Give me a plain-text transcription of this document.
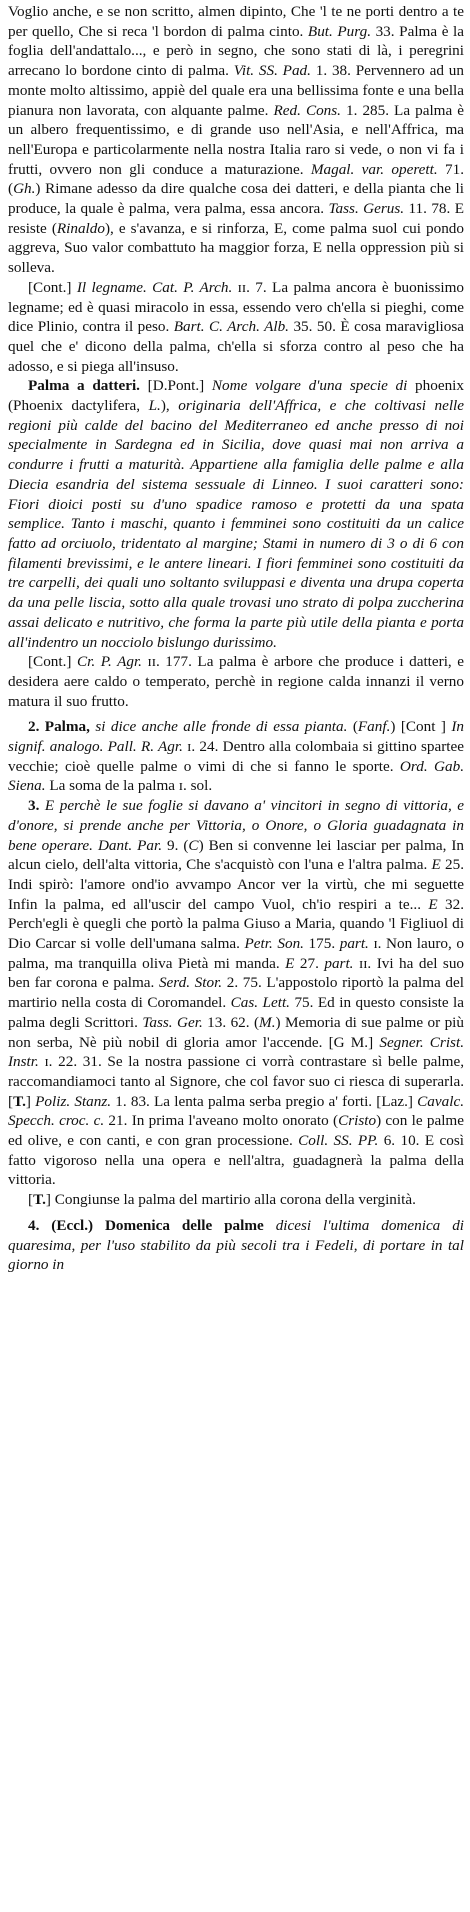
Voglio anche, e se non scritto, almen dipinto, Che 'l te ne porti dentro a te per quello, Che si reca 'l bordon di palma cinto. But. Purg. 33. Palma è la foglia dell'andattalo..., e però in segno, che sono stati di là, i peregrini arrecano lo bordone cinto di palma. Vit. SS. Pad. 1. 38. Pervennero ad un monte molto altissimo, appiè del quale era una bellissima fonte e una bella pianura non lavorata, con alquante palme. Red. Cons. 1. 285. La palma è un albero frequentissimo, e di grande uso nell'Asia, e nell'Affrica, ma nell'Europa e particolarmente nella nostra Italia raro si vede, o non vi fa i frutti, ovvero non gli conduce a maturazione. Magal. var. operett. 71. (Gh.) Rimane adesso da dire qualche cosa dei datteri, e della pianta che li produce, la quale è palma, vera palma, essa ancora. Tass. Gerus. 11. 78. E resiste (Rinaldo), e s'avanza, e si rinforza, E, come palma suol cui pondo aggreva, Suo valor combattuto ha maggior forza, E nella oppression più si solleva.

[Cont.] Il legname. Cat. P. Arch. ɪɪ. 7. La palma ancora è buonissimo legname; ed è quasi miracolo in essa, essendo vero ch'ella si pieghi, come dice Plinio, contra il peso. Bart. C. Arch. Alb. 35. 50. È cosa maravigliosa quel che e' dicono della palma, ch'ella si sforza contro al peso che ha adosso, e si piega all'insuso.

Palma a datteri. [D.Pont.] Nome volgare d'una specie di phoenix (Phoenix dactylifera, L.), originaria dell'Affrica, e che coltivasi nelle regioni più calde del bacino del Mediterraneo ed anche presso di noi specialmente in Sardegna ed in Sicilia, dove quasi mai non arriva a condurre i frutti a maturità. Appartiene alla famiglia delle palme e alla Diecia esandria del sistema sessuale di Linneo. I suoi caratteri sono: Fiori dioici posti su d'uno spadice ramoso e protetti da una spata semplice. Tanto i maschi, quanto i femminei sono costituiti da un calice fatto ad orciuolo, tridentato al margine; Stami in numero di 3 o di 6 con filamenti brevissimi, e le antere lineari. I fiori femminei sono costituiti da tre carpelli, dei quali uno soltanto sviluppasi e diventa una drupa coperta da una pelle liscia, sotto alla quale trovasi uno strato di polpa zuccherina assai delicato e nutritivo, che forma la parte più utile della pianta e porta all'indentro un nocciolo bislungo durissimo.

[Cont.] Cr. P. Agr. ɪɪ. 177. La palma è arbore che produce i datteri, e desidera aere caldo o temperato, perchè in regione calda innanzi il verno matura il suo frutto.

2. Palma, si dice anche alle fronde di essa pianta. (Fanf.) [Cont ] In signif. analogo. Pall. R. Agr. ɪ. 24. Dentro alla colombaia si gittino spartee vecchie; cioè quelle palme o vimi di che si fanno le sporte. Ord. Gab. Siena. La soma de la palma ɪ. sol.

3. E perchè le sue foglie si davano a' vincitori in segno di vittoria, e d'onore, si prende anche per Vittoria, o Onore, o Gloria guadagnata in bene operare. Dant. Par. 9. (C) Ben si convenne lei lasciar per palma, In alcun cielo, dell'alta vittoria, Che s'acquistò con l'una e l'altra palma. E 25. Indi spirò: l'amore ond'io avvampo Ancor ver la virtù, che mi seguette Infin la palma, ed all'uscir del campo Vuol, ch'io respiri a te... E 32. Perch'egli è quegli che portò la palma Giuso a Maria, quando 'l Figliuol di Dio Carcar si volle dell'umana salma. Petr. Son. 175. part. ɪ. Non lauro, o palma, ma tranquilla oliva Pietà mi manda. E 27. part. ɪɪ. Ivi ha del suo ben far corona e palma. Serd. Stor. 2. 75. L'appostolo riportò la palma del martirio nella costa di Coromandel. Cas. Lett. 75. Ed in questo consiste la palma degli Scrittori. Tass. Ger. 13. 62. (M.) Memoria di sue palme or più non serba, Nè più nobil di gloria amor l'accende. [G M.] Segner. Crist. Instr. ɪ. 22. 31. Se la nostra passione ci vorrà contrastare sì belle palme, raccomandiamoci tanto al Signore, che col favor suo ci riesca di superarla. [T.] Poliz. Stanz. 1. 83. La lenta palma serba pregio a' forti. [Laz.] Cavalc. Specch. croc. c. 21. In prima l'aveano molto onorato (Cristo) con le palme ed olive, e con canti, e con gran processione. Coll. SS. PP. 6. 10. E così fatto vigoroso nella una opera e nell'altra, guadagnerà la palma della vittoria.

[T.] Congiunse la palma del martirio alla corona della verginità.

4. (Eccl.) Domenica delle palme dicesi l'ultima domenica di quaresima, per l'uso stabilito da più secoli tra i Fedeli, di portare in tal giorno in
